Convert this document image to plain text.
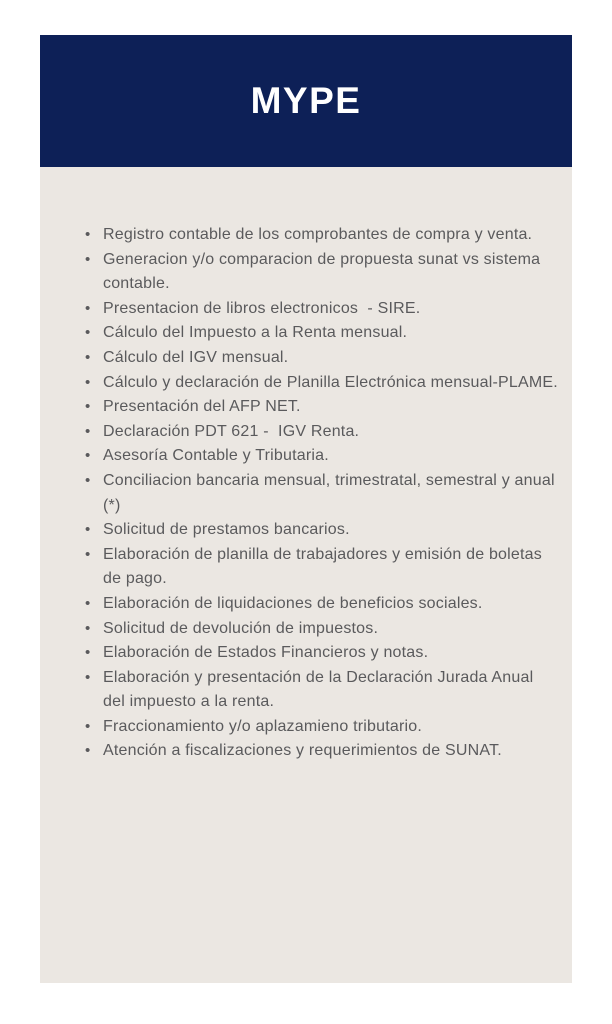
MYPE
• Registro contable de los comprobantes de compra y venta.
• Generacion y/o comparacion de propuesta sunat vs sistema contable.
• Presentacion de libros electronicos  - SIRE.
• Cálculo del Impuesto a la Renta mensual.
• Cálculo del IGV mensual.
• Cálculo y declaración de Planilla Electrónica mensual-PLAME.
• Presentación del AFP NET.
• Declaración PDT 621 -  IGV Renta.
• Asesoría Contable y Tributaria.
• Conciliacion bancaria mensual, trimestratal, semestral y anual (*)
• Solicitud de prestamos bancarios.
• Elaboración de planilla de trabajadores y emisión de boletas de pago.
• Elaboración de liquidaciones de beneficios sociales.
• Solicitud de devolución de impuestos.
• Elaboración de Estados Financieros y notas.
• Elaboración y presentación de la Declaración Jurada Anual del impuesto a la renta.
• Fraccionamiento y/o aplazamieno tributario.
• Atención a fiscalizaciones y requerimientos de SUNAT.
